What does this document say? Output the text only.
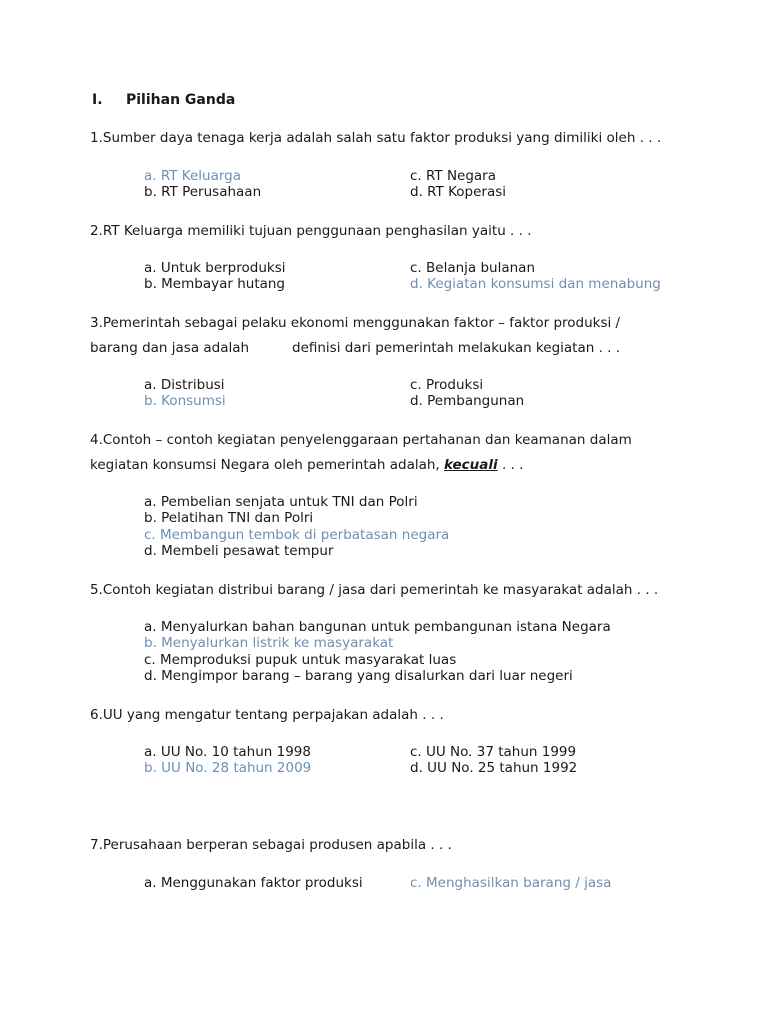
I. Pilihan Ganda
1.Sumber daya tenaga kerja adalah salah satu faktor produksi yang dimiliki oleh . . .
a. RT Keluarga
b. RT Perusahaan
c. RT Negara
d. RT Koperasi
2.RT Keluarga memiliki tujuan penggunaan penghasilan yaitu . . .
a. Untuk berproduksi
b. Membayar hutang
c. Belanja bulanan
d. Kegiatan konsumsi dan menabung
3.Pemerintah sebagai pelaku ekonomi menggunakan faktor – faktor produksi /
barang dan jasa adalah	definisi dari pemerintah melakukan kegiatan . . .
a. Distribusi
b. Konsumsi
c. Produksi
d. Pembangunan
4.Contoh – contoh kegiatan penyelenggaraan pertahanan dan keamanan dalam
kegiatan konsumsi Negara oleh pemerintah adalah, kecuali . . .
a. Pembelian senjata untuk TNI dan Polri
b. Pelatihan TNI dan Polri
c. Membangun tembok di perbatasan negara
d. Membeli pesawat tempur
5.Contoh kegiatan distribui barang / jasa dari pemerintah ke masyarakat adalah . . .
a. Menyalurkan bahan bangunan untuk pembangunan istana Negara
b. Menyalurkan listrik ke masyarakat
c. Memproduksi pupuk untuk masyarakat luas
d. Mengimpor barang – barang yang disalurkan dari luar negeri
6.UU yang mengatur tentang perpajakan adalah . . .
a. UU No. 10 tahun 1998
b. UU No. 28 tahun 2009
c. UU No. 37 tahun 1999
d. UU No. 25 tahun 1992
7.Perusahaan berperan sebagai produsen apabila . . .
a. Menggunakan faktor produksi	c. Menghasilkan barang / jasa
